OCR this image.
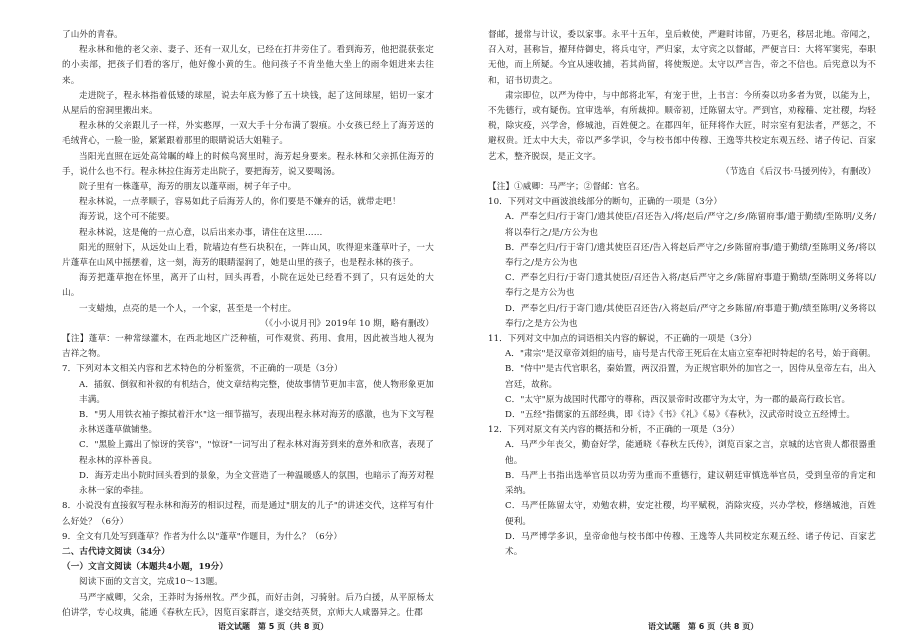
了山外的青春。

程永林和他的老父亲、妻子、还有一双儿女，已经在打井旁住了。看到海芳，他把混获张定的小卖部，把孩子们看的客厅，他好像小黄的生。他问孩子不肯坐他大坐上的雨伞姐进来去往来。

走进院子，程永林指着低矮的球屋，说去年底为修了五十块钱，起了这间球屋，铝切一家才从屋后的窑洞里搬出来。

程永林的父亲跟儿子一样，外实憨厚，一双大手十分布满了裂痕。小女孩已经上了海芳送的毛绒背心，一脸一脸，紧紧跟着那里的眼睛说话大姐鞋子。

当阳光直照在远处高耸瞩的峰上的时候鸟窝里时，海芳起身要来。程永林和父亲抓住海芳的手，说什么也不行。程永林拉住海芳走出院子，要把海芳，说又要喝汤。

院子里有一株蓬草，海芳的朋友以蓬草雨，树子年子中。

程永林说，一点孝顺子，容易如此子后海芳人的，你们要是不嫌弃的话，就带走吧！

海芳说，这个可不能要。

程永林说，这是俺的一点心意，以后出来办事，请住在这里……

阳光的照射下，从远处山上看，院墙边有些石块积在，一阵山风，吹得迎来蓬草叶子，一大片蓬草在山风中摇摆着，这一刻，海芳的眼睛湿润了，她是山里的孩子，也是程永林的孩子。

海芳把蓬草抱在怀里，离开了山村，回头再看，小院在远处已经看不到了，只有远处的大山。

一支蜡烛，点亮的是一个人，一个家，甚至是一个村庄。

（《小小说月刊》2019年 10 期，略有删改）

【注】蓬草：一种常绿灌木，在西北地区广泛种植，可作观赏、药用、食用，因此被当地人视为吉祥之物。

7．下列对本文相关内容和艺术特色的分析鉴赏，不正确的一项是（3分）

A．插叙、倒叙和补叙的有机结合，使文章结构完整，使故事情节更加丰富，使人物形象更加丰满。

B．"男人用铁衣袖子擦拭着汗水"这一细节描写，表现出程永林对海芳的感激，也为下文写程永林送蓬草做铺垫。

C．"黑脸上露出了惊讶的笑容"，"惊讶"一词写出了程永林对海芳到来的意外和欣喜，表现了程永林的淳朴善良。

D．海芳走出小院时回头看到的景象，为全文营造了一种温暖感人的氛围，也暗示了海芳对程永林一家的牵挂。

8．小说没有直接叙写程永林和海芳的相识过程，而是通过"朋友的儿子"的讲述交代，这样写有什么好处？（6分）

9．全文有几处写到蓬草？作者为什么以"蓬草"作题目，为什么？（6分）

二、古代诗文阅读（34分）

（一）文言文阅读（本题共4小题，19分）

阅读下面的文言文，完成10～13题。

马严字威卿，父余，王莽时为扬州牧。严少孤，而好击剑，习骑射。后乃白援，从平原杨太伯讲学，专心坟典，能通《春秋左氏》，因览百家群言，遂交结英贤，京师大人咸器异之。仕郡

语文试题　第 5 页（共 8 页）

督邮，援常与计议，委以家事。永平十五年，皇后敕使，严避时讳留，乃更名，移居北地。帝闻之，召入对，甚称旨，擢拜侍御史，将兵屯守，严归家，太守宾之以督邮，严便言曰：大将军窦宪，奉职无他，而上所疑。今宜从速收捕，若其尚留，将使叛逆。太守以严言告，帝之不信也。后宪意以为不和，诏书切责之。

肃宗即位，以严为侍中，与中郎将北军，有宠于世，上书言：今所奏以功多者为贤，以能为上，不先德行，或有疑伤。宜审选举，有所裁抑。顺帝初，迁陈留太守。严到官，劝稼穑、定社稷，均轻税，除灾疫，兴学舍，修城池，百姓便之。在郡四年，征拜将作大匠，时宗室有犯法者，严惩之，不避权贵。迁太中大夫，帝以严多学识，令与校书郎中传穆、王逸等共校定东观五经、诸子传记、百家艺术，整齐脱误，是正文字。

（节选自《后汉书·马援列传》，有删改）

【注】①威卿：马严字；②督邮：官名。

10．下列对文中画波浪线部分的断句，正确的一项是（3分）

A．严奉乞归/行于寄门/遗其使臣/召还告入/将/赵后/严守之/乡/陈留府事/遣于勤绩/至陈明/义务/将以奉行之/是/方公为也

B．严奉乞归/行于寄门/遗其使臣召还/告入将赵后严守之/乡陈留府事/遣于勤绩/至陈明义务/将以奉行之/是方公为也

C．严奉乞归行/于寄门遗其使臣/召还告入将/赵后严守之乡/陈留府事遣于勤绩/至陈明义务将以/奉行之是方公为也

D．严奉乞归/行于寄门遗/其使臣召还告/入将赵后/严守之乡陈留/府事遣于勤/绩至陈明/义务将以奉行/之是方公为也

11．下列对文中加点的词语相关内容的解说，不正确的一项是（3分）

A．"肃宗"是汉章帝刘炟的庙号，庙号是古代帝王死后在太庙立室奉祀时特起的名号，始于商朝。

B．"侍中"是古代官职名，秦始置，两汉沿置，为正规官职外的加官之一，因侍从皇帝左右，出入宫廷，故称。

C．"太守"原为战国时代郡守的尊称，西汉景帝时改郡守为太守，为一郡的最高行政长官。

D．"五经"指儒家的五部经典，即《诗》《书》《礼》《易》《春秋》，汉武帝时设立五经博士。

12．下列对原文有关内容的概括和分析，不正确的一项是（3分）

A．马严少年丧父，勤奋好学，能通晓《春秋左氏传》，浏览百家之言，京城的达官贵人都很器重他。

B．马严上书指出选举官员以功劳为重而不重德行，建议朝廷审慎选举官员，受到皇帝的肯定和采纳。

C．马严任陈留太守，劝勉农耕，安定社稷，均平赋税，消除灾疫，兴办学校，修缮城池，百姓便利。

D．马严博学多识，皇帝命他与校书郎中传穆、王逸等人共同校定东观五经、诸子传记、百家艺术。

语文试题　第 6 页（共 8 页）
